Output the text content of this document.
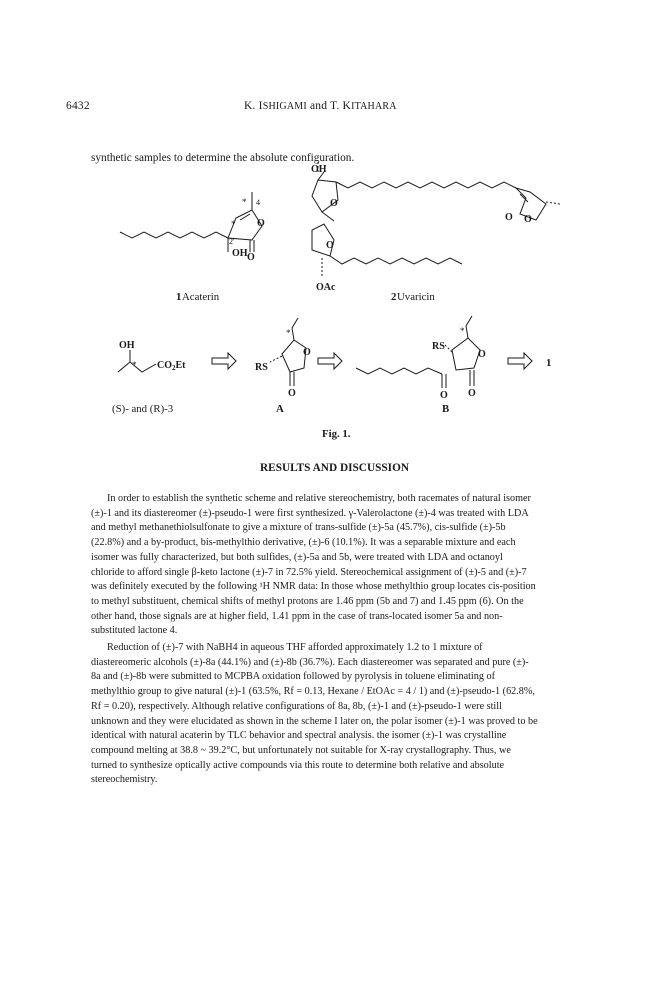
6432	K. ISHIGAMI and T. KITAHARA
synthetic samples to determine the absolute configuration.
OH O
O
* 4
*
2'
OH
O
O
O O
OAc
1 Acaterin	2 Uvaricin
OH
* $CO_2Et$	RS
O
O
*
RS
O
O O
*
1
(S)- and (R)-3	A	B
Fig. 1.
RESULTS AND DISCUSSION

In order to establish the synthetic scheme and relative stereochemistry, both racemates of natural isomer

(±)-1 and its diastereomer (±)-pseudo-1 were first synthesized. γ-Valerolactone (±)-4 was treated with LDA

and methyl methanethiolsulfonate to give a mixture of trans-sulfide (±)-5a (45.7%), cis-sulfide (±)-5b

(22.8%) and a by-product, bis-methylthio derivative, (±)-6 (10.1%). It was a separable mixture and each

isomer was fully characterized, but both sulfides, (±)-5a and 5b, were treated with LDA and octanoyl

chloride to afford single β-keto lactone (±)-7 in 72.5% yield. Stereochemical assignment of (±)-5 and (±)-7

was definitely executed by the following ¹H NMR data: In those whose methylthio group locates cis-position

to methyl substituent, chemical shifts of methyl protons are 1.46 ppm (5b and 7) and 1.45 ppm (6). On the

other hand, those signals are at higher field, 1.41 ppm in the case of trans-located isomer 5a and non-

substituted lactone 4.

Reduction of (±)-7 with NaBH4 in aqueous THF afforded approximately 1.2 to 1 mixture of

diastereomeric alcohols (±)-8a (44.1%) and (±)-8b (36.7%). Each diastereomer was separated and pure (±)-

8a and (±)-8b were submitted to MCPBA oxidation followed by pyrolysis in toluene eliminating of

methylthio group to give natural (±)-1 (63.5%, Rf = 0.13, Hexane / EtOAc = 4 / 1) and (±)-pseudo-1 (62.8%,

Rf = 0.20), respectively. Although relative configurations of 8a, 8b, (±)-1 and (±)-pseudo-1 were still

unknown and they were elucidated as shown in the scheme I later on, the polar isomer (±)-1 was proved to be

identical with natural acaterin by TLC behavior and spectral analysis. the isomer (±)-1 was crystalline

compound melting at 38.8 ~ 39.2°C, but unfortunately not suitable for X-ray crystallography. Thus, we

turned to synthesize optically active compounds via this route to determine both relative and absolute

stereochemistry.
